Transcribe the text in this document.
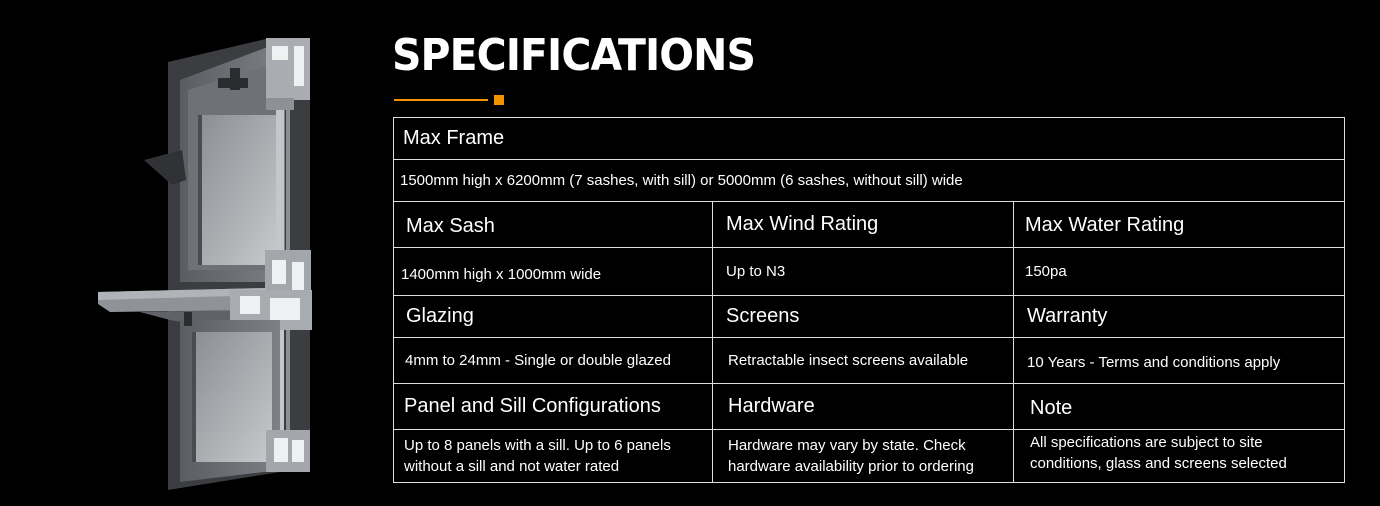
SPECIFICATIONS
Max Frame		
1500mm high x 6200mm (7 sashes, with sill) or 5000mm (6 sashes, without sill) wide		
Max Sash	Max Wind Rating	Max Water Rating
1400mm high x 1000mm wide	Up to N3	150pa
Glazing	Screens	Warranty
4mm to 24mm - Single or double glazed	Retractable insect screens available	10 Years - Terms and conditions apply
Panel and Sill Configurations	Hardware	Note
Up to 8 panels with a sill. Up to 6 panels without a sill and not water rated	Hardware may vary by state. Check hardware availability prior to ordering	All specifications are subject to site conditions, glass and screens selected
